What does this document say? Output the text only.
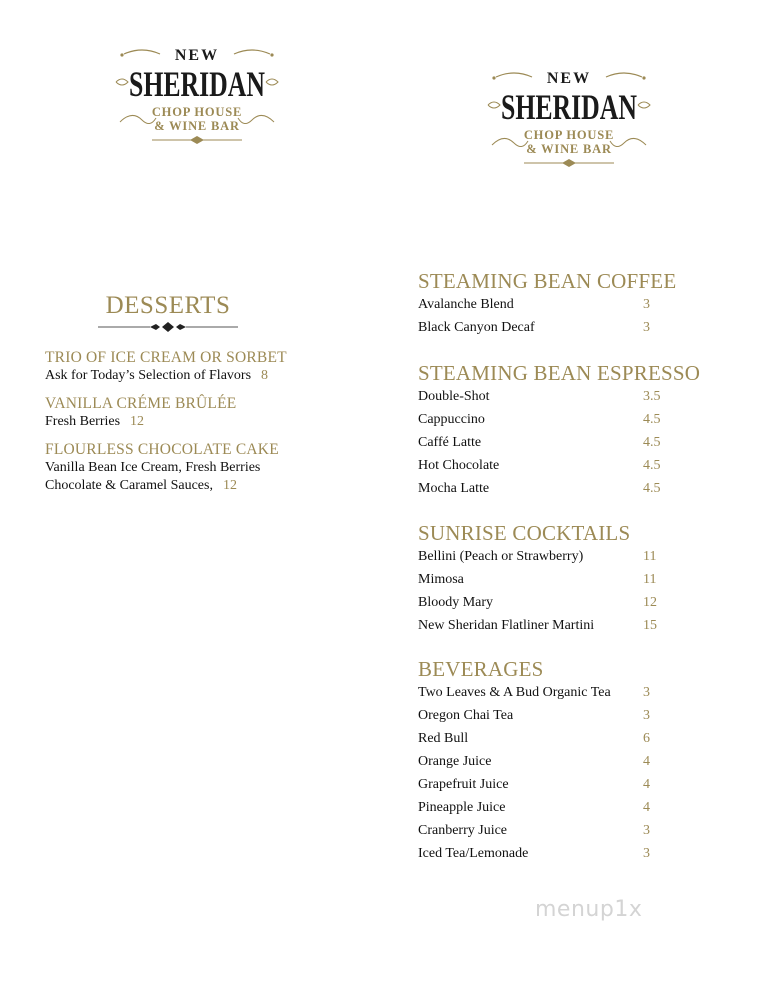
NEW
SHERIDAN
CHOP HOUSE
& WINE BAR
NEW
SHERIDAN
CHOP HOUSE
& WINE BAR
DESSERTS
TRIO OF ICE CREAM OR SORBET
Ask for Today’s Selection of Flavors 8
VANILLA CRÉME BRÛLÉE
Fresh Berries 12
FLOURLESS CHOCOLATE CAKE
Vanilla Bean Ice Cream, Fresh Berries
Chocolate & Caramel Sauces, 12
STEAMING BEAN COFFEE
Avalanche Blend	3
Black Canyon Decaf	3
STEAMING BEAN ESPRESSO
Double-Shot	3.5
Cappuccino	4.5
Caffé Latte	4.5
Hot Chocolate	4.5
Mocha Latte	4.5
SUNRISE COCKTAILS
Bellini (Peach or Strawberry)	11
Mimosa	11
Bloody Mary	12
New Sheridan Flatliner Martini	15
BEVERAGES
Two Leaves & A Bud Organic Tea 3
Oregon Chai Tea	3
Red Bull	6
Orange Juice	4
Grapefruit Juice	4
Pineapple Juice	4
Cranberry Juice	3
Iced Tea/Lemonade	3
menup1x
